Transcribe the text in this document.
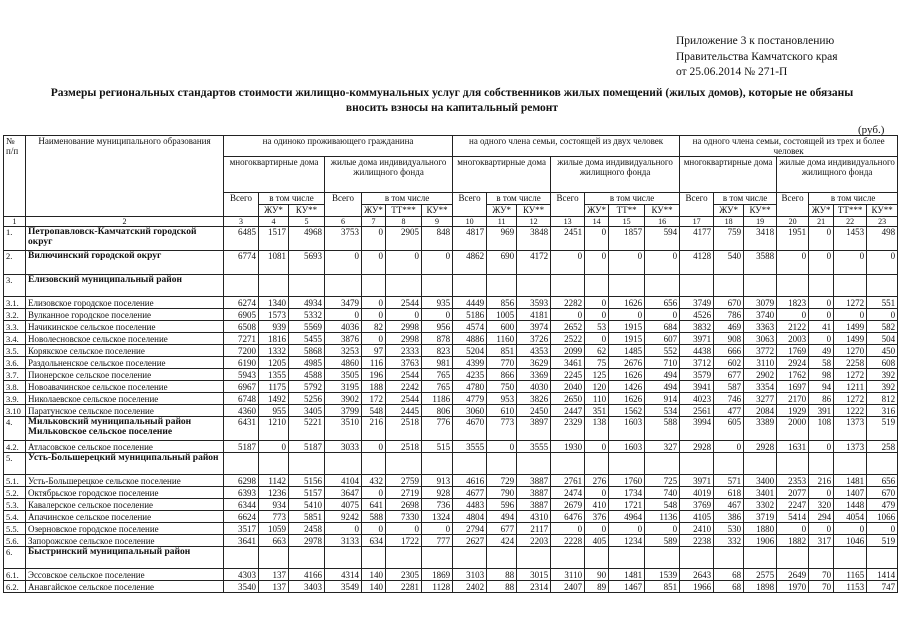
Приложение 3 к постановлению
Правительства Камчатского края
от 25.06.2014 № 271-П
Размеры региональных стандартов стоимости жилищно-коммунальных услуг для собственников жилых помещений (жилых домов), которые не обязаны
вносить взносы на капитальный ремонт
(руб.)
№ п/п	Наименование муниципального образования	на одиноко проживающего гражданина							на одного члена семьи, состоящей из двух человек							на одного члена семьи, состоящей из трех и более человек						
		многоквартирные дома			жилые дома индивидуального жилищного фонда				многоквартирные дома			жилые дома индивидуального жилищного фонда				многоквартирные дома			жилые дома индивидуального жилищного фонда			
		Всего	в том числе		Всего	в том числе			Всего	в том числе		Всего	в том числе			Всего	в том числе		Всего	в том числе		
			ЖУ*	КУ**		ЖУ*	ТТ***	КУ**		ЖУ*	КУ**		ЖУ*	ТТ**	КУ**		ЖУ*	КУ**		ЖУ*	ТТ***	КУ**
1	2	3	4	5	6	7	8	9	10	11	12	13	14	15	16	17	18	19	20	21	22	23
1.	Петропавловск-Камчатский городской округ	6485	1517	4968	3753	0	2905	848	4817	969	3848	2451	0	1857	594	4177	759	3418	1951	0	1453	498
2.	Вилючинский городской округ	6774	1081	5693	0	0	0	0	4862	690	4172	0	0	0	0	4128	540	3588	0	0	0	0
3.	Елизовский муниципальный район																					
3.1.	Елизовское городское поселение	6274	1340	4934	3479	0	2544	935	4449	856	3593	2282	0	1626	656	3749	670	3079	1823	0	1272	551
3.2.	Вулканное городское поселение	6905	1573	5332	0	0	0	0	5186	1005	4181	0	0	0	0	4526	786	3740	0	0	0	0
3.3.	Начикинское сельское поселение	6508	939	5569	4036	82	2998	956	4574	600	3974	2652	53	1915	684	3832	469	3363	2122	41	1499	582
3.4.	Новолесновское сельское поселение	7271	1816	5455	3876	0	2998	878	4886	1160	3726	2522	0	1915	607	3971	908	3063	2003	0	1499	504
3.5.	Корякское сельское поселение	7200	1332	5868	3253	97	2333	823	5204	851	4353	2099	62	1485	552	4438	666	3772	1769	49	1270	450
3.6.	Раздольненское сельское поселение	6190	1205	4985	4860	116	3763	981	4399	770	3629	3461	75	2676	710	3712	602	3110	2924	58	2258	608
3.7.	Пионерское сельское поселение	5943	1355	4588	3505	196	2544	765	4235	866	3369	2245	125	1626	494	3579	677	2902	1762	98	1272	392
3.8.	Новоавачинское сельское поселение	6967	1175	5792	3195	188	2242	765	4780	750	4030	2040	120	1426	494	3941	587	3354	1697	94	1211	392
3.9.	Николаевское сельское поселение	6748	1492	5256	3902	172	2544	1186	4779	953	3826	2650	110	1626	914	4023	746	3277	2170	86	1272	812
3.10	Паратунское сельское поселение	4360	955	3405	3799	548	2445	806	3060	610	2450	2447	351	1562	534	2561	477	2084	1929	391	1222	316
4.	Мильковский муниципальный район Мильковское сельское поселение	6431	1210	5221	3510	216	2518	776	4670	773	3897	2329	138	1603	588	3994	605	3389	2000	108	1373	519
4.2.	Атласовское сельское поселение	5187	0	5187	3033	0	2518	515	3555	0	3555	1930	0	1603	327	2928	0	2928	1631	0	1373	258
5.	Усть-Большерецкий муниципальный район																					
5.1.	Усть-Большерецкое сельское поселение	6298	1142	5156	4104	432	2759	913	4616	729	3887	2761	276	1760	725	3971	571	3400	2353	216	1481	656
5.2.	Октябрьское городское поселение	6393	1236	5157	3647	0	2719	928	4677	790	3887	2474	0	1734	740	4019	618	3401	2077	0	1407	670
5.3.	Кавалерское сельское поселение	6344	934	5410	4075	641	2698	736	4483	596	3887	2679	410	1721	548	3769	467	3302	2247	320	1448	479
5.4.	Апачинское сельское поселение	6624	773	5851	9242	588	7330	1324	4804	494	4310	6476	376	4964	1136	4105	386	3719	5414	294	4054	1066
5.5.	Озерновское городское поселение	3517	1059	2458	0	0	0	0	2794	677	2117	0	0	0	0	2410	530	1880	0	0	0	0
5.6.	Запорожское сельское поселение	3641	663	2978	3133	634	1722	777	2627	424	2203	2228	405	1234	589	2238	332	1906	1882	317	1046	519
6.	Быстринский муниципальный район																					
6.1.	Эссовское сельское поселение	4303	137	4166	4314	140	2305	1869	3103	88	3015	3110	90	1481	1539	2643	68	2575	2649	70	1165	1414
6.2.	Анавгайское сельское поселение	3540	137	3403	3549	140	2281	1128	2402	88	2314	2407	89	1467	851	1966	68	1898	1970	70	1153	747
